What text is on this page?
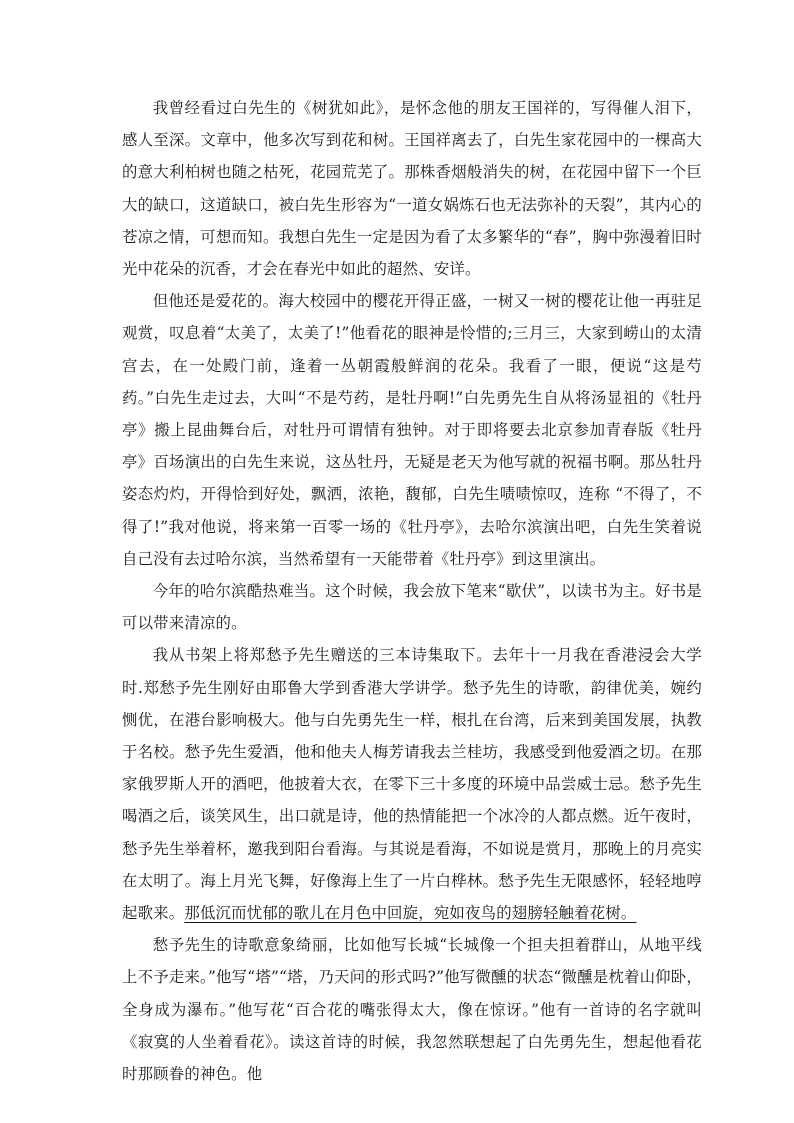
我曾经看过白先生的《树犹如此》，是怀念他的朋友王国祥的，写得催人泪下，感人至深。文章中，他多次写到花和树。王国祥离去了，白先生家花园中的一棵高大的意大利柏树也随之枯死，花园荒芜了。那株香烟般消失的树，在花园中留下一个巨大的缺口，这道缺口，被白先生形容为“一道女娲炼石也无法弥补的天裂”，其内心的苍凉之情，可想而知。我想白先生一定是因为看了太多繁华的“春”，胸中弥漫着旧时光中花朵的沉香，才会在春光中如此的超然、安详。

但他还是爱花的。海大校园中的樱花开得正盛，一树又一树的樱花让他一再驻足观赏，叹息着“太美了，太美了!”他看花的眼神是怜惜的;三月三，大家到崂山的太清宫去，在一处殿门前，逢着一丛朝霞般鲜润的花朵。我看了一眼，便说“这是芍药。”白先生走过去，大叫“不是芍药，是牡丹啊!”白先勇先生自从将汤显祖的《牡丹亭》搬上昆曲舞台后，对牡丹可谓情有独钟。对于即将要去北京参加青春版《牡丹亭》百场演出的白先生来说，这丛牡丹，无疑是老天为他写就的祝福书啊。那丛牡丹姿态灼灼，开得恰到好处，飘洒，浓艳，馥郁，白先生啧啧惊叹，连称 “不得了，不得了!”我对他说，将来第一百零一场的《牡丹亭》，去哈尔滨演出吧，白先生笑着说自己没有去过哈尔滨，当然希望有一天能带着《牡丹亭》到这里演出。

今年的哈尔滨酷热难当。这个时候，我会放下笔来“歇伏”，以读书为主。好书是可以带来清凉的。

我从书架上将郑愁予先生赠送的三本诗集取下。去年十一月我在香港浸会大学时.郑愁予先生刚好由耶鲁大学到香港大学讲学。愁予先生的诗歌，韵律优美，婉约恻优，在港台影响极大。他与白先勇先生一样，根扎在台湾，后来到美国发展，执教于名校。愁予先生爱酒，他和他夫人梅芳请我去兰桂坊，我感受到他爱酒之切。在那家俄罗斯人开的酒吧，他披着大衣，在零下三十多度的环境中品尝威士忌。愁予先生喝酒之后，谈笑风生，出口就是诗，他的热情能把一个冰冷的人都点燃。近午夜时，愁予先生举着杯，邀我到阳台看海。与其说是看海，不如说是赏月，那晚上的月亮实在太明了。海上月光飞舞，好像海上生了一片白桦林。愁予先生无限感怀，轻轻地哼起歌来。那低沉而忧郁的歌儿在月色中回旋，宛如夜鸟的翅膀轻触着花树。

愁予先生的诗歌意象绮丽，比如他写长城“长城像一个担夫担着群山，从地平线上不予走来。”他写“塔”“塔，乃天问的形式吗?”他写微醺的状态“微醺是枕着山仰卧，全身成为瀑布。”他写花“百合花的嘴张得太大，像在惊讶。”他有一首诗的名字就叫《寂寞的人坐着看花》。读这首诗的时候，我忽然联想起了白先勇先生，想起他看花时那顾眷的神色。他
